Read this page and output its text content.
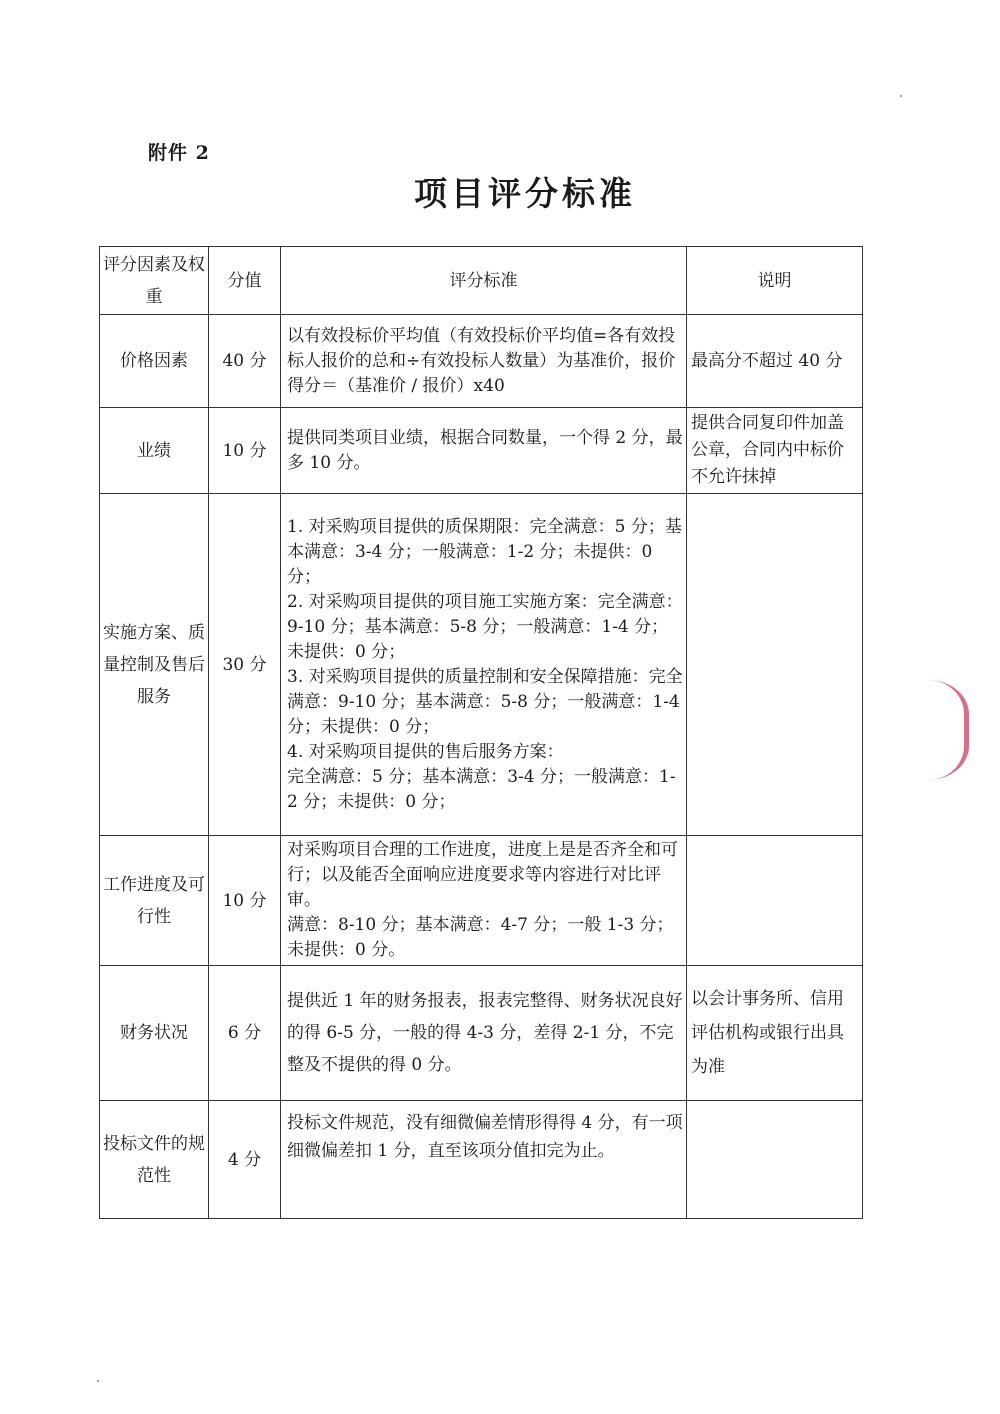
附件 2
项目评分标准
评分因素及权重	分值	评分标准	说明
价格因素	40 分	以有效投标价平均值（有效投标价平均值=各有效投标人报价的总和÷有效投标人数量）为基准价，报价得分＝（基准价 / 报价）x40	最高分不超过 40 分
业绩	10 分	提供同类项目业绩，根据合同数量，一个得 2 分，最多 10 分。	提供合同复印件加盖公章，合同内中标价不允许抹掉
实施方案、质量控制及售后服务	30 分	1. 对采购项目提供的质保期限：完全满意：5 分；基本满意：3-4 分；一般满意：1-2 分；未提供：0 分；
2. 对采购项目提供的项目施工实施方案：完全满意：9-10 分；基本满意：5-8 分；一般满意：1-4 分；未提供：0 分；
3. 对采购项目提供的质量控制和安全保障措施：完全满意：9-10 分；基本满意：5-8 分；一般满意：1-4 分；未提供：0 分；
4. 对采购项目提供的售后服务方案：
完全满意：5 分；基本满意：3-4 分；一般满意：1-2 分；未提供：0 分；	

工作进度及可行性	10 分	对采购项目合理的工作进度，进度上是是否齐全和可行；以及能否全面响应进度要求等内容进行对比评审。
满意：8-10 分；基本满意：4-7 分；一般 1-3 分；未提供：0 分。	

财务状况	6 分	提供近 1 年的财务报表，报表完整得、财务状况良好的得 6-5 分，一般的得 4-3 分，差得 2-1 分，不完整及不提供的得 0 分。	以会计事务所、信用评估机构或银行出具为准
投标文件的规范性	4 分	投标文件规范，没有细微偏差情形得得 4 分，有一项细微偏差扣 1 分，直至该项分值扣完为止。	
